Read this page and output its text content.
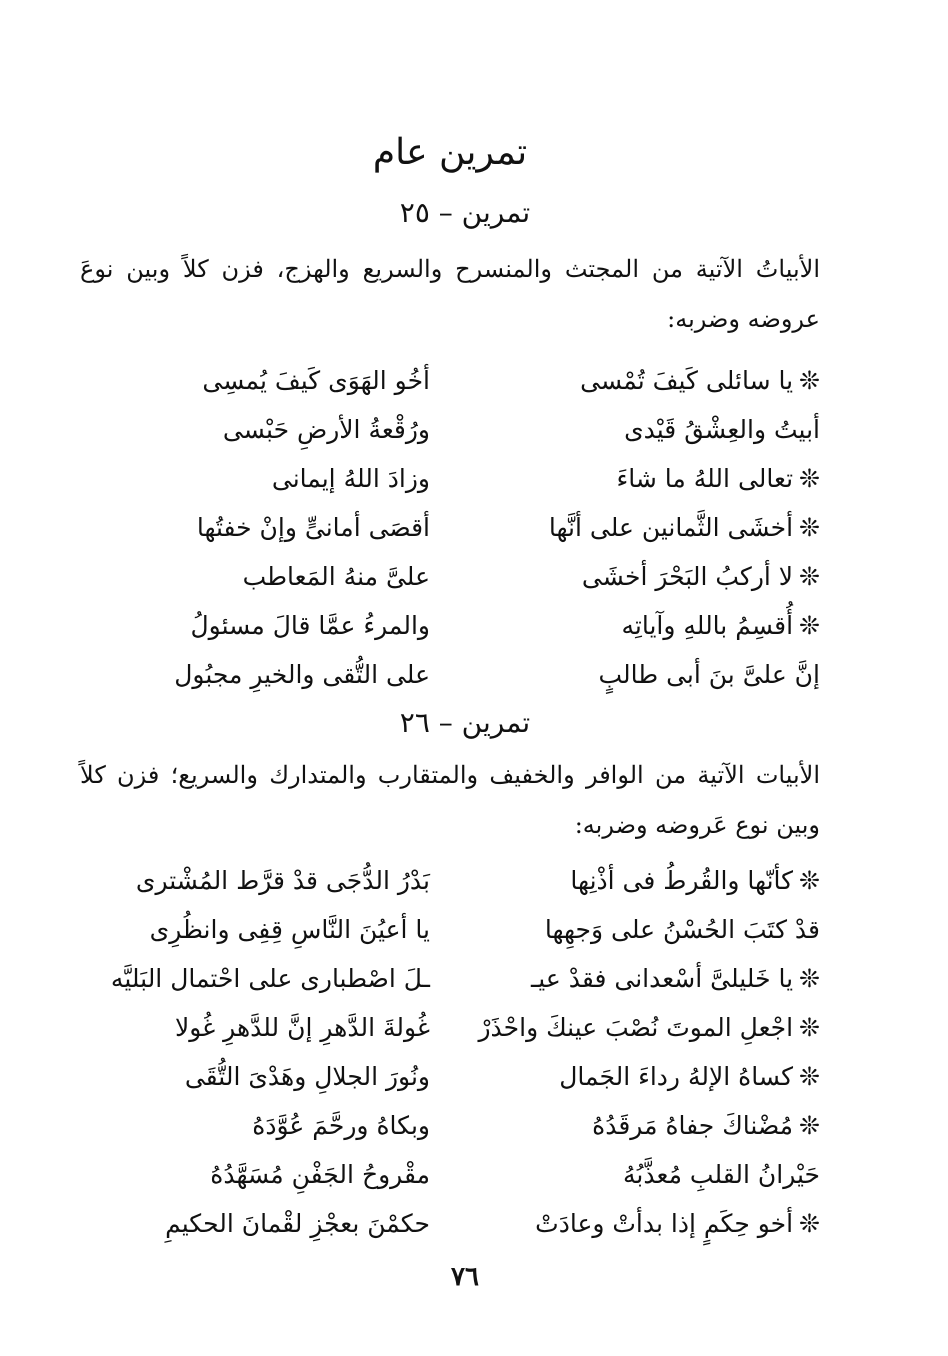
تمرين عام
تمرين – ٢٥
الأبياتُ الآتية من المجتث والمنسرح والسريع والهزج، فزن كلاً وبين نوعَ عروضه وضربه:
❊يا سائلى كَيفَ تُمْسى
أخُو الهَوَى كَيفَ يُمسِى
أبيتُ والعِشْقُ قَيْدى
ورُقْعةُ الأرضِ حَبْسى
❊تعالى اللهُ ما شاءَ
وزادَ اللهُ إيمانى
❊أخشَى الثَّمانين على أنَّها
أقصَى أمانىٍّ وإنْ خفتُها
❊لا أركبُ البَحْرَ أخشَى
علىَّ منهُ المَعاطب
❊أُقسِمُ باللهِ وآياتِه
والمرءُ عمَّا قالَ مسئولُ
إنَّ علىَّ بنَ أبى طالبٍ
على التُّقى والخيرِ مجبُول
تمرين – ٢٦
الأبيات الآتية من الوافر والخفيف والمتقارب والمتدارك والسريع؛ فزن كلاً وبين نوع عَروضه وضربه:
❊كأنّها والقُرطُ فى أذْنِها
بَدْرُ الدُّجَى قدْ قرَّط المُشْترى
قدْ كتَبَ الحُسْنُ على وَجهِها
يا أعيُنَ النَّاسِ قِفِى وانظُرِى
❊يا خَليلىَّ أسْعدانى فقدْ عيـ
ـلَ اصْطبارى على احْتمال البَليَّه
❊اجْعلِ الموتَ نُصْبَ عينكَ واحْذَرْ
غُولةَ الدَّهرِ إنَّ للدَّهرِ غُولا
❊كساهُ الإلهُ رداءَ الجَمال
ونُورَ الجلالِ وهَدْىَ التُّقَى
❊مُضْناكَ جفاهُ مَرقَدُهُ
وبكاهُ ورحَّمَ عُوَّدَهُ
حَيْرانُ القلبِ مُعذَّبُهُ
مقْروحُ الجَفْنِ مُسَهَّدُهُ
❊أخو حِكَمٍ إذا بدأتْ وعادَتْ
حكمْنَ بعجْزِ لقْمانَ الحكيمِ
٧٦
